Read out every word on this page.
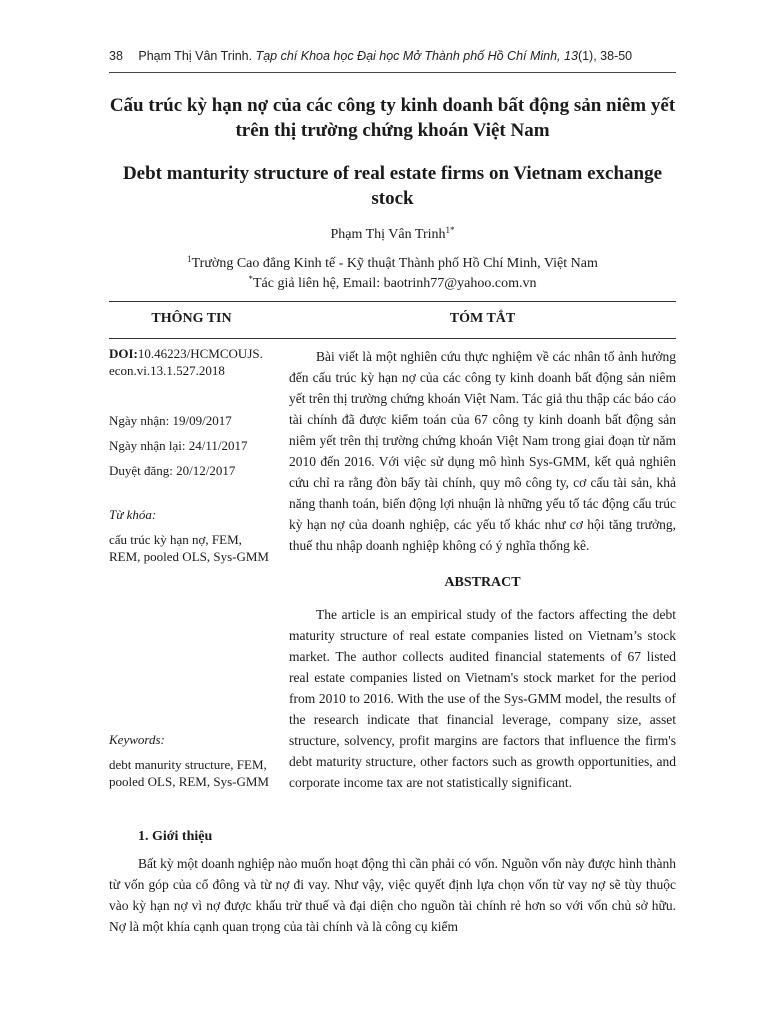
38 Phạm Thị Vân Trinh. Tạp chí Khoa học Đại học Mở Thành phố Hồ Chí Minh, 13(1), 38-50
Cấu trúc kỳ hạn nợ của các công ty kinh doanh bất động sản niêm yết trên thị trường chứng khoán Việt Nam
Debt manturity structure of real estate firms on Vietnam exchange stock
Phạm Thị Vân Trinh$^{1*}$
$^1$Trường Cao đẳng Kinh tế - Kỹ thuật Thành phố Hồ Chí Minh, Việt Nam
*Tác giả liên hệ, Email: baotrinh77@yahoo.com.vn
THÔNG TIN	TÓM TẮT
DOI:10.46223/HCMCOUJS. econ.vi.13.1.527.2018
Ngày nhận: 19/09/2017
Ngày nhận lại: 24/11/2017
Duyệt đăng: 20/12/2017
Từ khóa:
cấu trúc kỳ hạn nợ, FEM, REM, pooled OLS, Sys-GMM
Keywords:
debt manurity structure, FEM, pooled OLS, REM, Sys-GMM

Bài viết là một nghiên cứu thực nghiệm về các nhân tố ảnh hưởng đến cấu trúc kỳ hạn nợ của các công ty kinh doanh bất động sản niêm yết trên thị trường chứng khoán Việt Nam. Tác giả thu thập các báo cáo tài chính đã được kiểm toán của 67 công ty kinh doanh bất động sản niêm yết trên thị trường chứng khoán Việt Nam trong giai đoạn từ năm 2010 đến 2016. Với việc sử dụng mô hình Sys-GMM, kết quả nghiên cứu chỉ ra rằng đòn bẩy tài chính, quy mô công ty, cơ cấu tài sản, khả năng thanh toán, biến động lợi nhuận là những yếu tố tác động cấu trúc kỳ hạn nợ của doanh nghiệp, các yếu tố khác như cơ hội tăng trưởng, thuế thu nhập doanh nghiệp không có ý nghĩa thống kê.

ABSTRACT

The article is an empirical study of the factors affecting the debt maturity structure of real estate companies listed on Vietnam’s stock market. The author collects audited financial statements of 67 listed real estate companies listed on Vietnam's stock market for the period from 2010 to 2016. With the use of the Sys-GMM model, the results of the research indicate that financial leverage, company size, asset structure, solvency, profit margins are factors that influence the firm's debt maturity structure, other factors such as growth opportunities, and corporate income tax are not statistically significant.

1. Giới thiệu

Bất kỳ một doanh nghiệp nào muốn hoạt động thì cần phải có vốn. Nguồn vốn này được hình thành từ vốn góp của cổ đông và từ nợ đi vay. Như vậy, việc quyết định lựa chọn vốn từ vay nợ sẽ tùy thuộc vào kỳ hạn nợ vì nợ được khấu trừ thuế và đại diện cho nguồn tài chính rẻ hơn so với vốn chủ sở hữu. Nợ là một khía cạnh quan trọng của tài chính và là công cụ kiểm
